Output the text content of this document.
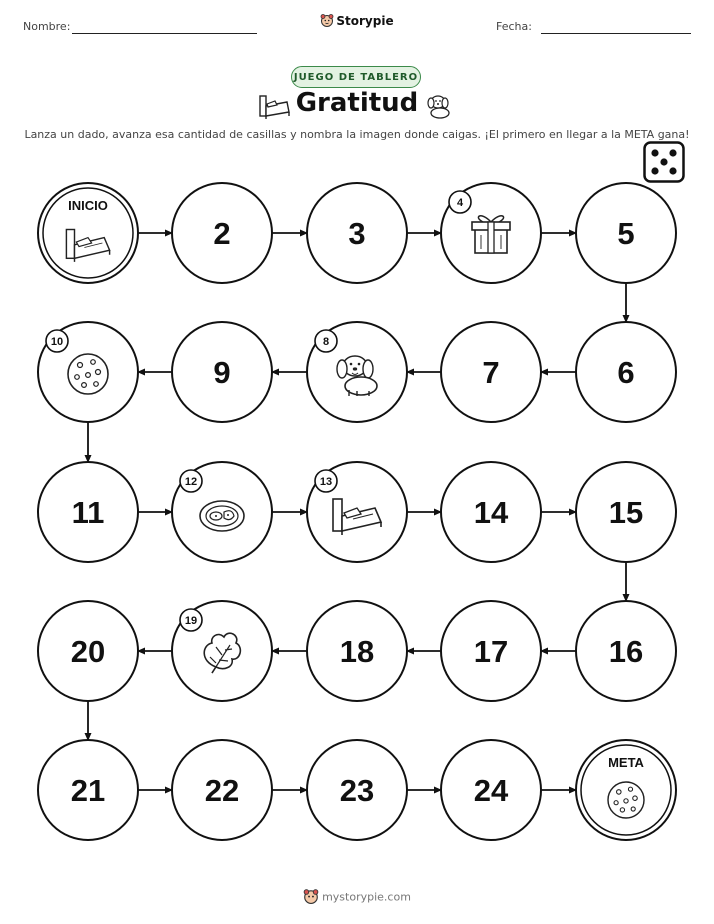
Nombre:	Storypie	Fecha:
JUEGO DE TABLERO
Gratitud
Lanza un dado, avanza esa cantidad de casillas y nombra la imagen donde caigas. ¡El primero en llegar a la META gana!
INICIO
2	3
4
5
10
9
8
7	6
11
12	13
14	15
20
19
18	17	16
21	22	23	24
META
mystorypie.com
